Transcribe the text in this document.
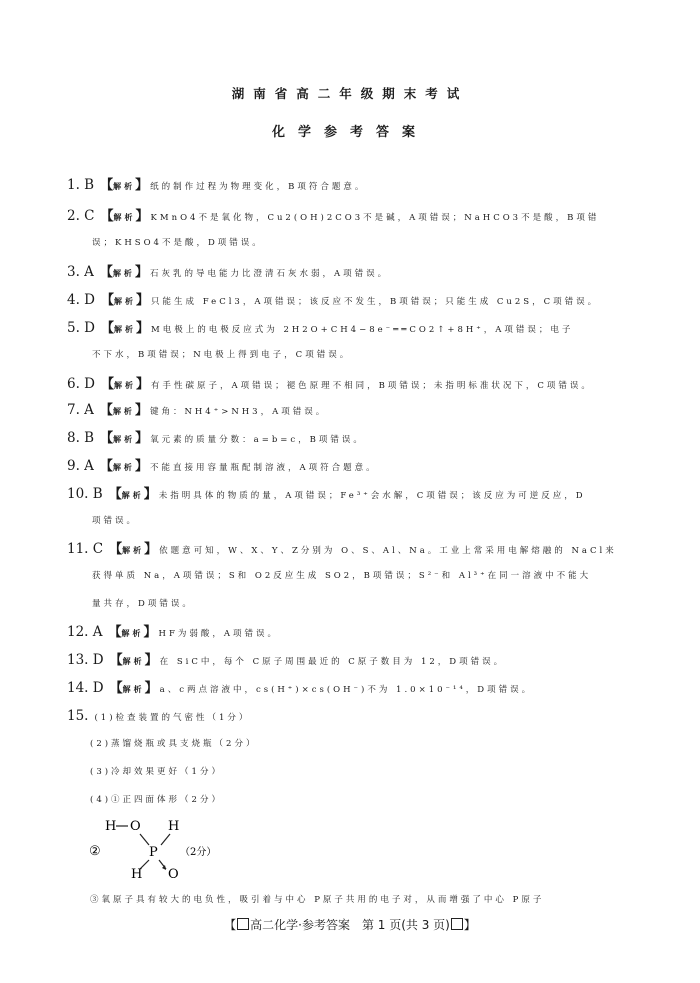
湖南省高二年级期末考试
化学参考答案
1. B 【 解析 】 纸的制作过程为物理变化，B项符合题意。
2. C 【 解析 】 KMnO4不是氧化物，Cu2(OH)2CO3不是碱，A项错误；NaHCO3不是酸，B项错
误；KHSO4不是酸，D项错误。
3. A 【 解析 】 石灰乳的导电能力比澄清石灰水弱，A项错误。
4. D 【 解析 】 只能生成 FeCl3，A项错误；该反应不发生，B项错误；只能生成 Cu2S，C项错误。
5. D 【 解析 】 M电极上的电极反应式为 2H2O+CH4−8e⁻══CO2↑+8H⁺，A项错误；电子
不下水，B项错误；N电极上得到电子，C项错误。
6. D 【 解析 】 有手性碳原子，A项错误；褪色原理不相同，B项错误；未指明标准状况下，C项错误。
7. A 【 解析 】 键角：NH4⁺>NH3，A项错误。
8. B 【 解析 】 氧元素的质量分数：a=b=c，B项错误。
9. A 【 解析 】 不能直接用容量瓶配制溶液，A项符合题意。
10. B 【 解析 】 未指明具体的物质的量，A项错误；Fe³⁺会水解，C项错误；该反应为可逆反应，D
项错误。
11. C 【 解析 】 依题意可知，W、X、Y、Z分别为 O、S、Al、Na。工业上常采用电解熔融的 NaCl来
获得单质 Na，A项错误；S和 O2反应生成 SO2，B项错误；S²⁻和 Al³⁺在同一溶液中不能大
量共存，D项错误。
12. A 【 解析 】 HF为弱酸，A项错误。
13. D 【 解析 】 在 SiC中，每个 C原子周围最近的 C原子数目为 12，D项错误。
14. D 【 解析 】 a、c两点溶液中，cs(H⁺)×cs(OH⁻)不为 1.0×10⁻¹⁴，D项错误。
15. (1)检查装置的气密性（1分）
(2)蒸馏烧瓶或具支烧瓶（2分）
(3)冷却效果更好（1分）
(4)①正四面体形（2分）
H O H
②	P （2分）
H O
③氧原子具有较大的电负性，吸引着与中心 P原子共用的电子对，从而增强了中心 P原子
【 高二化学·参考答案　第 1 页(共 3 页) 】
